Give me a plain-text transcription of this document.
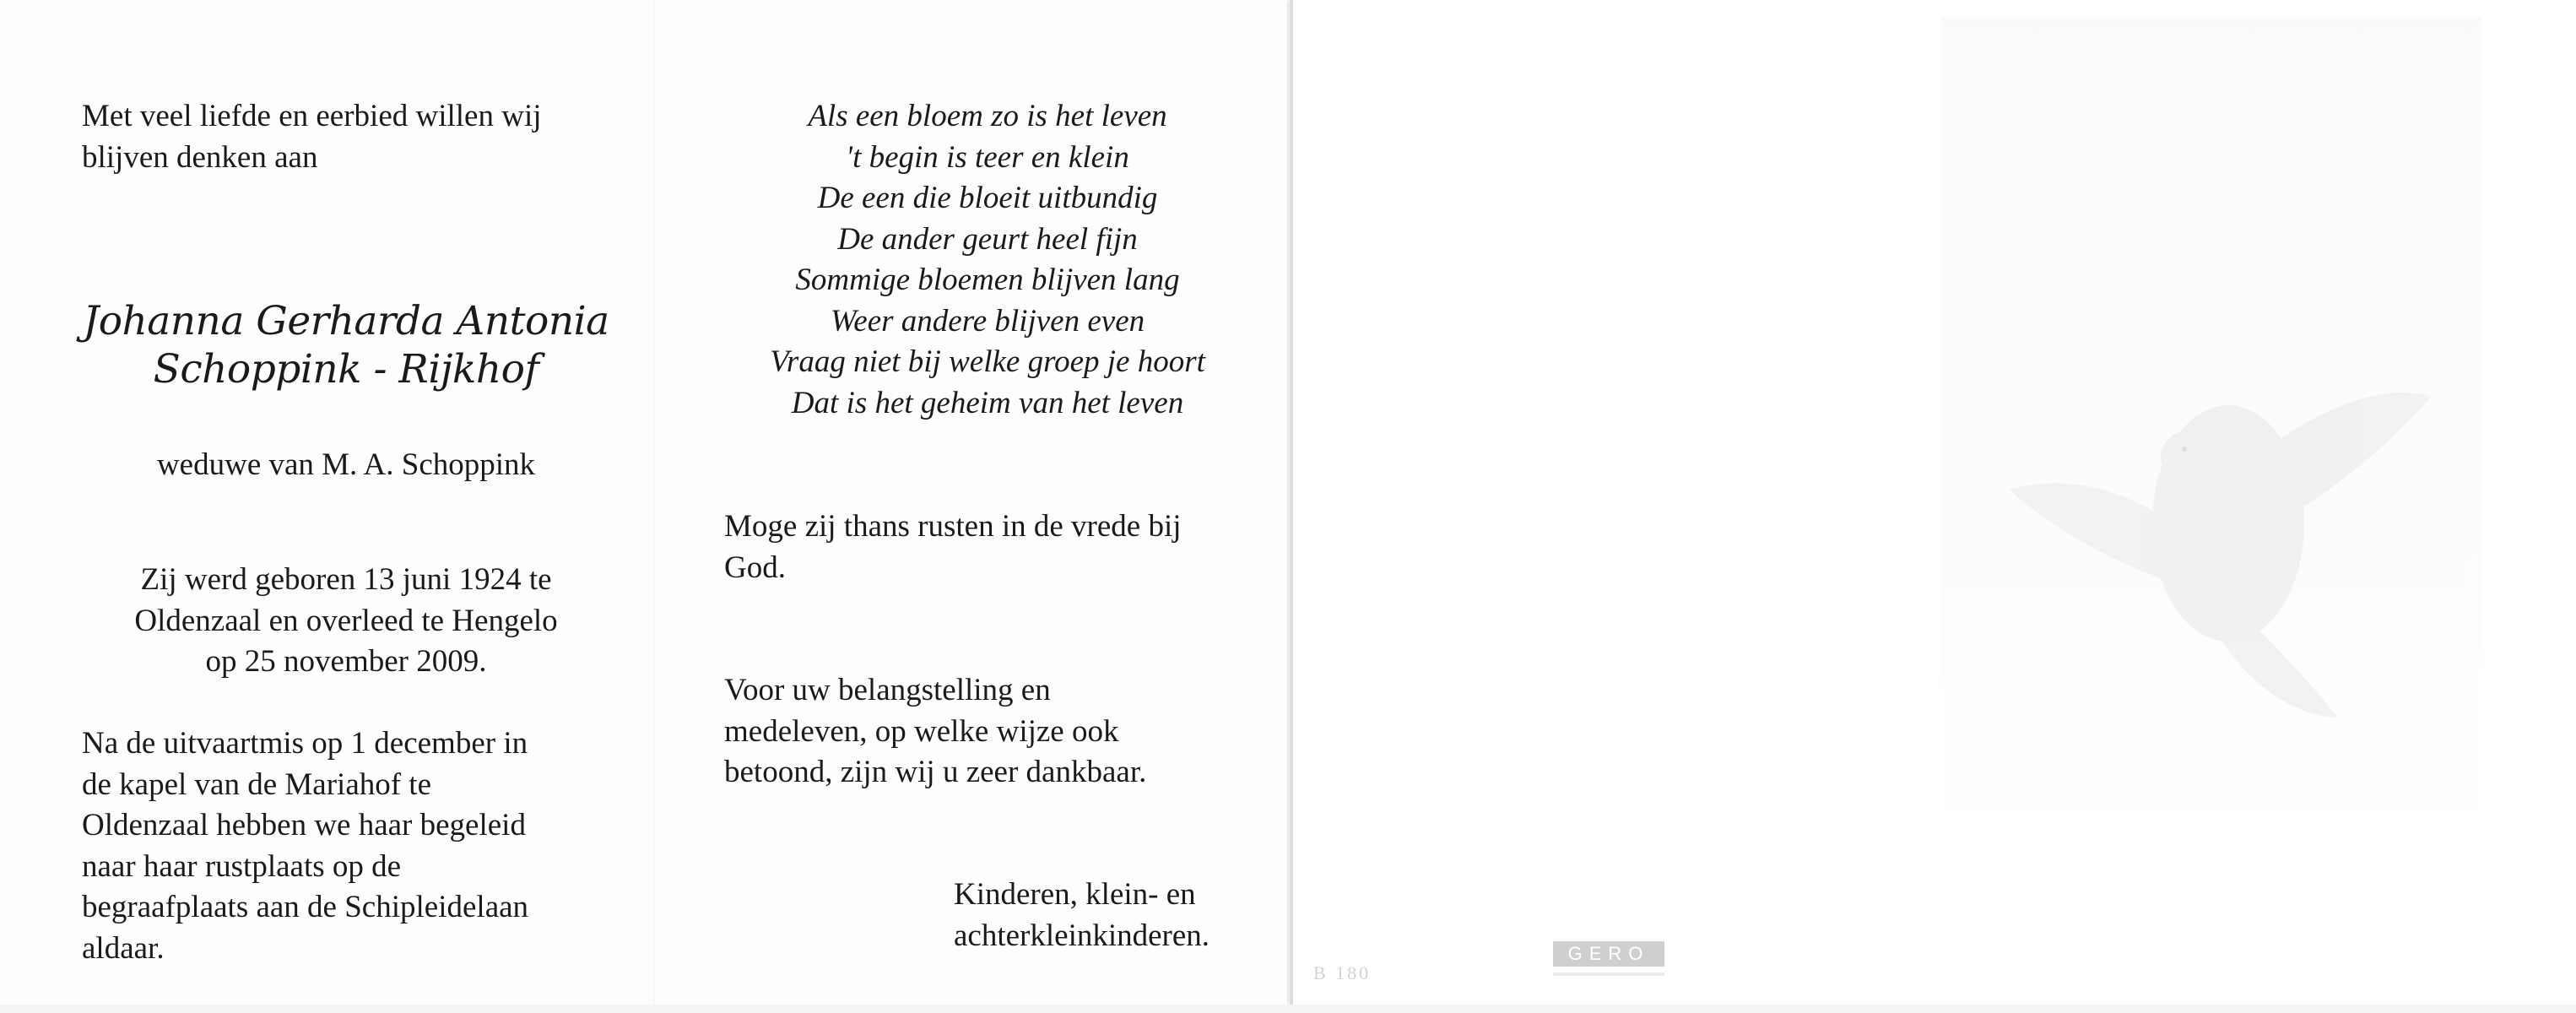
Met veel liefde en eerbied willen wij
blijven denken aan
Johanna Gerharda Antonia
Schoppink - Rijkhof
weduwe van M. A. Schoppink
Zij werd geboren 13 juni 1924 te
Oldenzaal en overleed te Hengelo
op 25 november 2009.
Na de uitvaartmis op 1 december in
de kapel van de Mariahof te
Oldenzaal hebben we haar begeleid
naar haar rustplaats op de
begraafplaats aan de Schipleidelaan
aldaar.
Als een bloem zo is het leven
't begin is teer en klein
De een die bloeit uitbundig
De ander geurt heel fijn
Sommige bloemen blijven lang
Weer andere blijven even
Vraag niet bij welke groep je hoort
Dat is het geheim van het leven
Moge zij thans rusten in de vrede bij
God.
Voor uw belangstelling en
medeleven, op welke wijze ook
betoond, zijn wij u zeer dankbaar.
Kinderen, klein- en
achterkleinkinderen.
B 180
GERO
